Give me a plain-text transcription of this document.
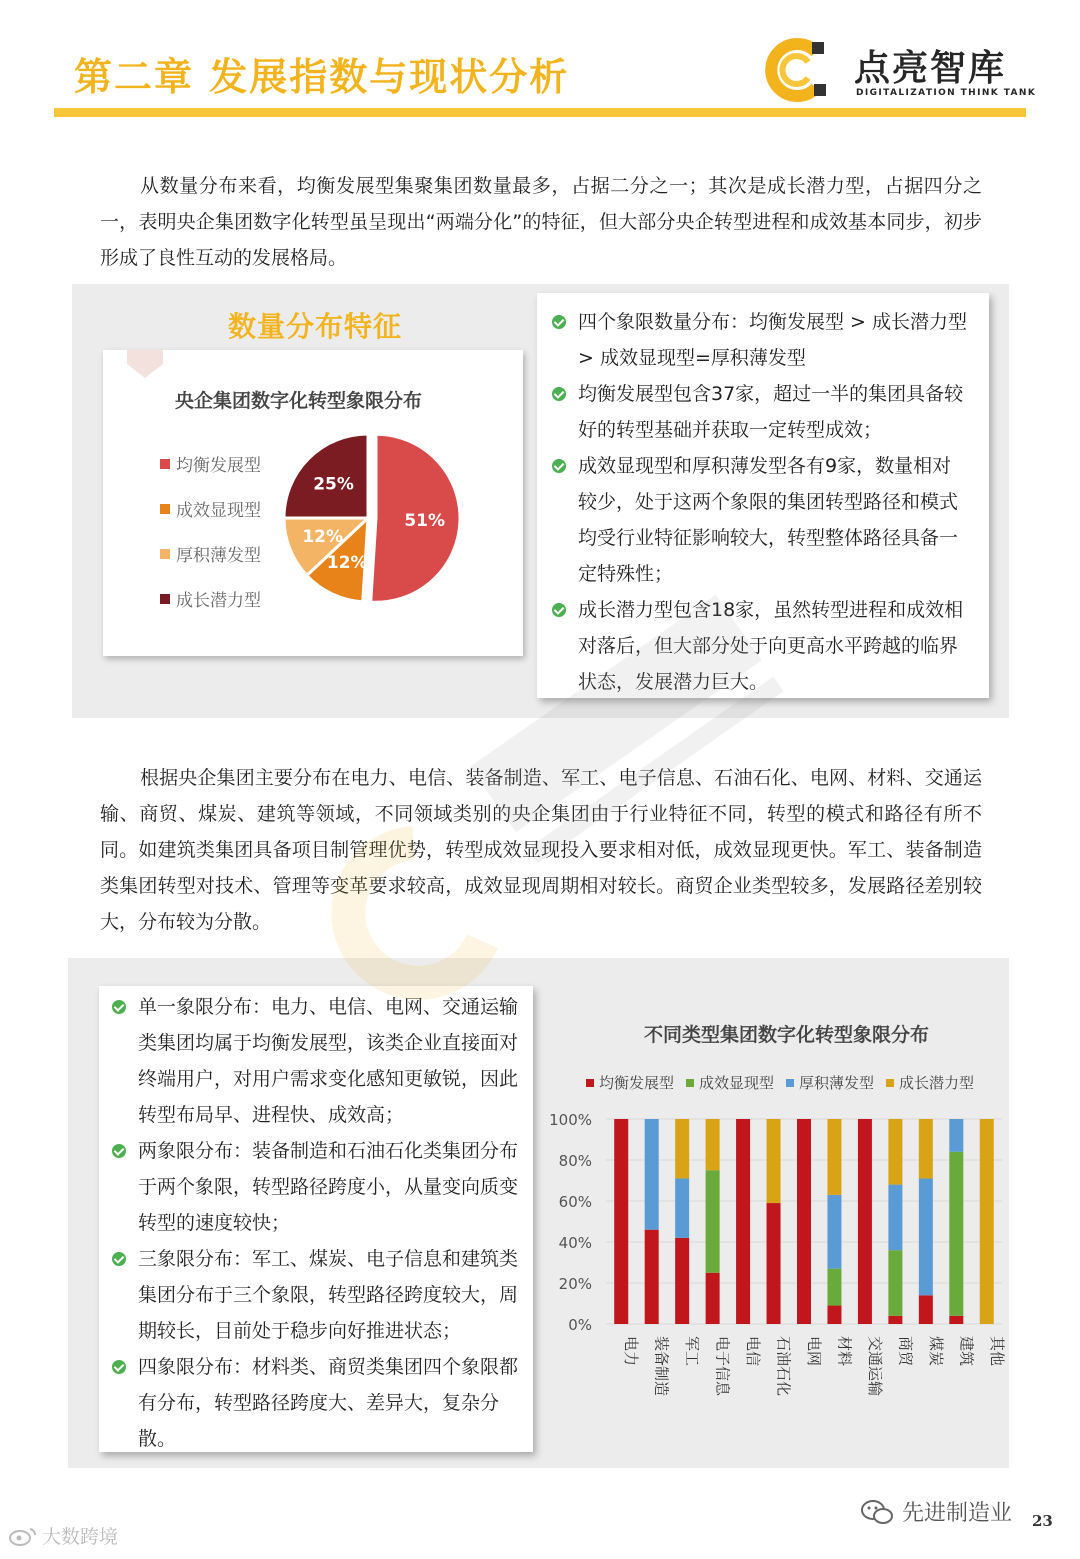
第二章 发展指数与现状分析	点亮智库
DIGITALIZATION THINK TANK

从数量分布来看，均衡发展型集聚集团数量最多，占据二分之一；其次是成长潜力型，占据四分之一，表明央企集团数字化转型虽呈现出“两端分化”的特征，但大部分央企转型进程和成效基本同步，初步形成了良性互动的发展格局。

数量分布特征
央企集团数字化转型象限分布
均衡发展型
成效显现型
厚积薄发型
成长潜力型
51%
12%
12%
25%
四个象限数量分布：均衡发展型 > 成长潜力型 > 成效显现型=厚积薄发型
均衡发展型包含37家，超过一半的集团具备较好的转型基础并获取一定转型成效；
成效显现型和厚积薄发型各有9家，数量相对较少，处于这两个象限的集团转型路径和模式均受行业特征影响较大，转型整体路径具备一定特殊性；
成长潜力型包含18家，虽然转型进程和成效相对落后，但大部分处于向更高水平跨越的临界状态，发展潜力巨大。

根据央企集团主要分布在电力、电信、装备制造、军工、电子信息、石油石化、电网、材料、交通运输、商贸、煤炭、建筑等领域，不同领域类别的央企集团由于行业特征不同，转型的模式和路径有所不同。如建筑类集团具备项目制管理优势，转型成效显现投入要求相对低，成效显现更快。军工、装备制造类集团转型对技术、管理等变革要求较高，成效显现周期相对较长。商贸企业类型较多，发展路径差别较大，分布较为分散。

单一象限分布：电力、电信、电网、交通运输类集团均属于均衡发展型，该类企业直接面对终端用户，对用户需求变化感知更敏锐，因此转型布局早、进程快、成效高；
两象限分布：装备制造和石油石化类集团分布于两个象限，转型路径跨度小，从量变向质变转型的速度较快；
三象限分布：军工、煤炭、电子信息和建筑类集团分布于三个象限，转型路径跨度较大，周期较长，目前处于稳步向好推进状态；
四象限分布：材料类、商贸类集团四个象限都有分布，转型路径跨度大、差异大，复杂分散。
不同类型集团数字化转型象限分布
均衡发展型 成效显现型 厚积薄发型 成长潜力型
0%
20%
40%
60%
80%
100%
电力 装备制造 军工 电子信息 电信 石油石化 电网 材料 交通运输 商贸 煤炭 建筑 其他
大数跨境
先进制造业 23
